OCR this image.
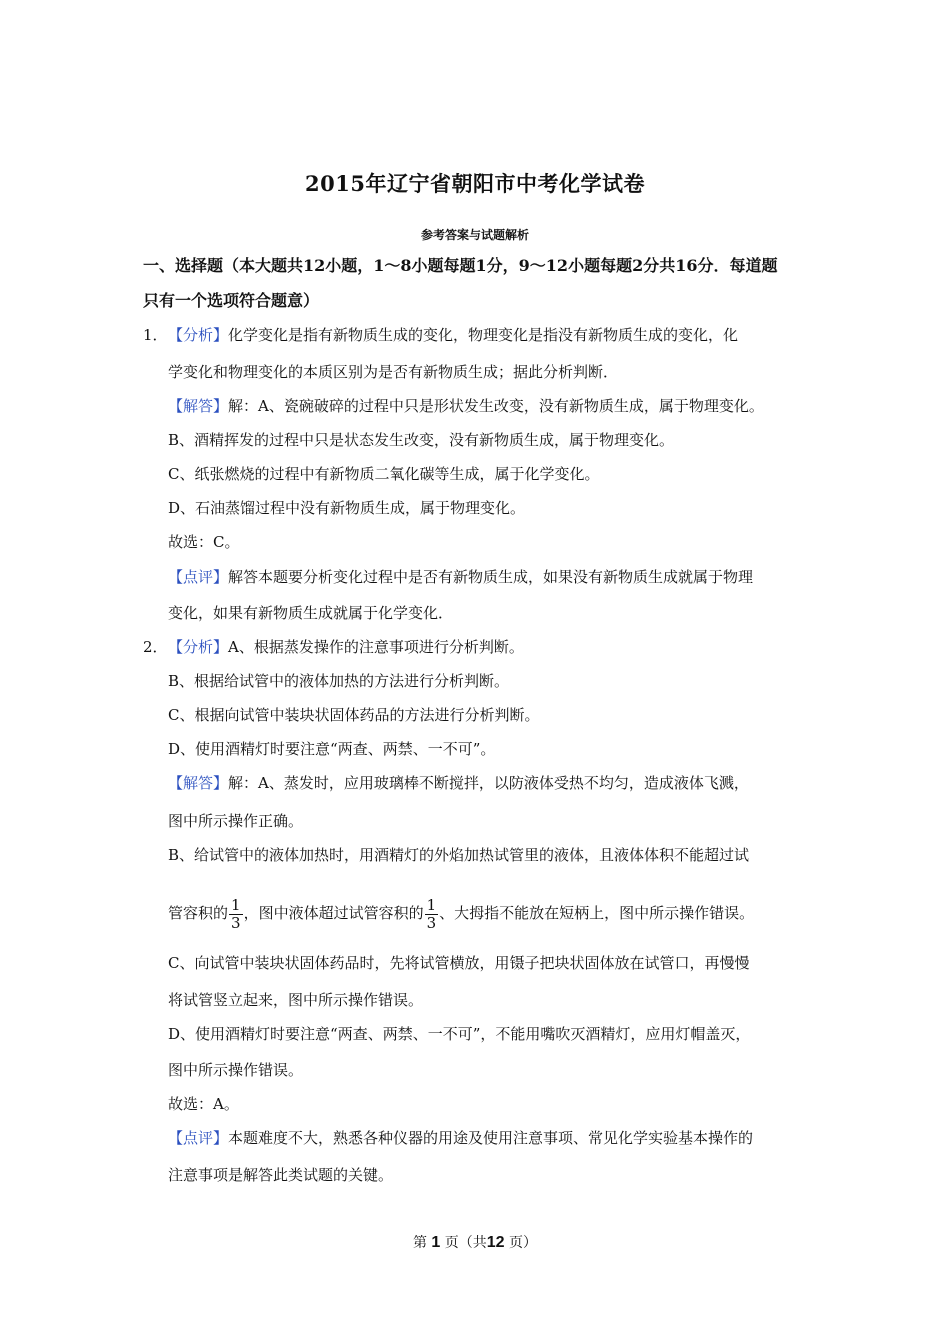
2015年辽宁省朝阳市中考化学试卷
参考答案与试题解析
一、选择题（本大题共12小题，1～8小题每题1分，9～12小题每题2分共16分．每道题
只有一个选项符合题意）
1． 【分析】化学变化是指有新物质生成的变化，物理变化是指没有新物质生成的变化，化
学变化和物理变化的本质区别为是否有新物质生成；据此分析判断．
【解答】解：A、瓷碗破碎的过程中只是形状发生改变，没有新物质生成，属于物理变化。
B、酒精挥发的过程中只是状态发生改变，没有新物质生成，属于物理变化。
C、纸张燃烧的过程中有新物质二氧化碳等生成，属于化学变化。
D、石油蒸馏过程中没有新物质生成，属于物理变化。
故选：C。
【点评】解答本题要分析变化过程中是否有新物质生成，如果没有新物质生成就属于物理
变化，如果有新物质生成就属于化学变化．
2． 【分析】A、根据蒸发操作的注意事项进行分析判断。
B、根据给试管中的液体加热的方法进行分析判断。
C、根据向试管中装块状固体药品的方法进行分析判断。
D、使用酒精灯时要注意“两查、两禁、一不可”。
【解答】解：A、蒸发时，应用玻璃棒不断搅拌，以防液体受热不均匀，造成液体飞溅，
图中所示操作正确。
B、给试管中的液体加热时，用酒精灯的外焰加热试管里的液体，且液体体积不能超过试
管容积的 $\frac{1}{3}$ ，图中液体超过试管容积的 $\frac{1}{3}$ 、大拇指不能放在短柄上，图中所示操作错误。
C、向试管中装块状固体药品时，先将试管横放，用镊子把块状固体放在试管口，再慢慢
将试管竖立起来，图中所示操作错误。
D、使用酒精灯时要注意“两查、两禁、一不可”，不能用嘴吹灭酒精灯，应用灯帽盖灭，
图中所示操作错误。
故选：A。
【点评】本题难度不大，熟悉各种仪器的用途及使用注意事项、常见化学实验基本操作的
注意事项是解答此类试题的关键。
第 1 页（共12 页）
